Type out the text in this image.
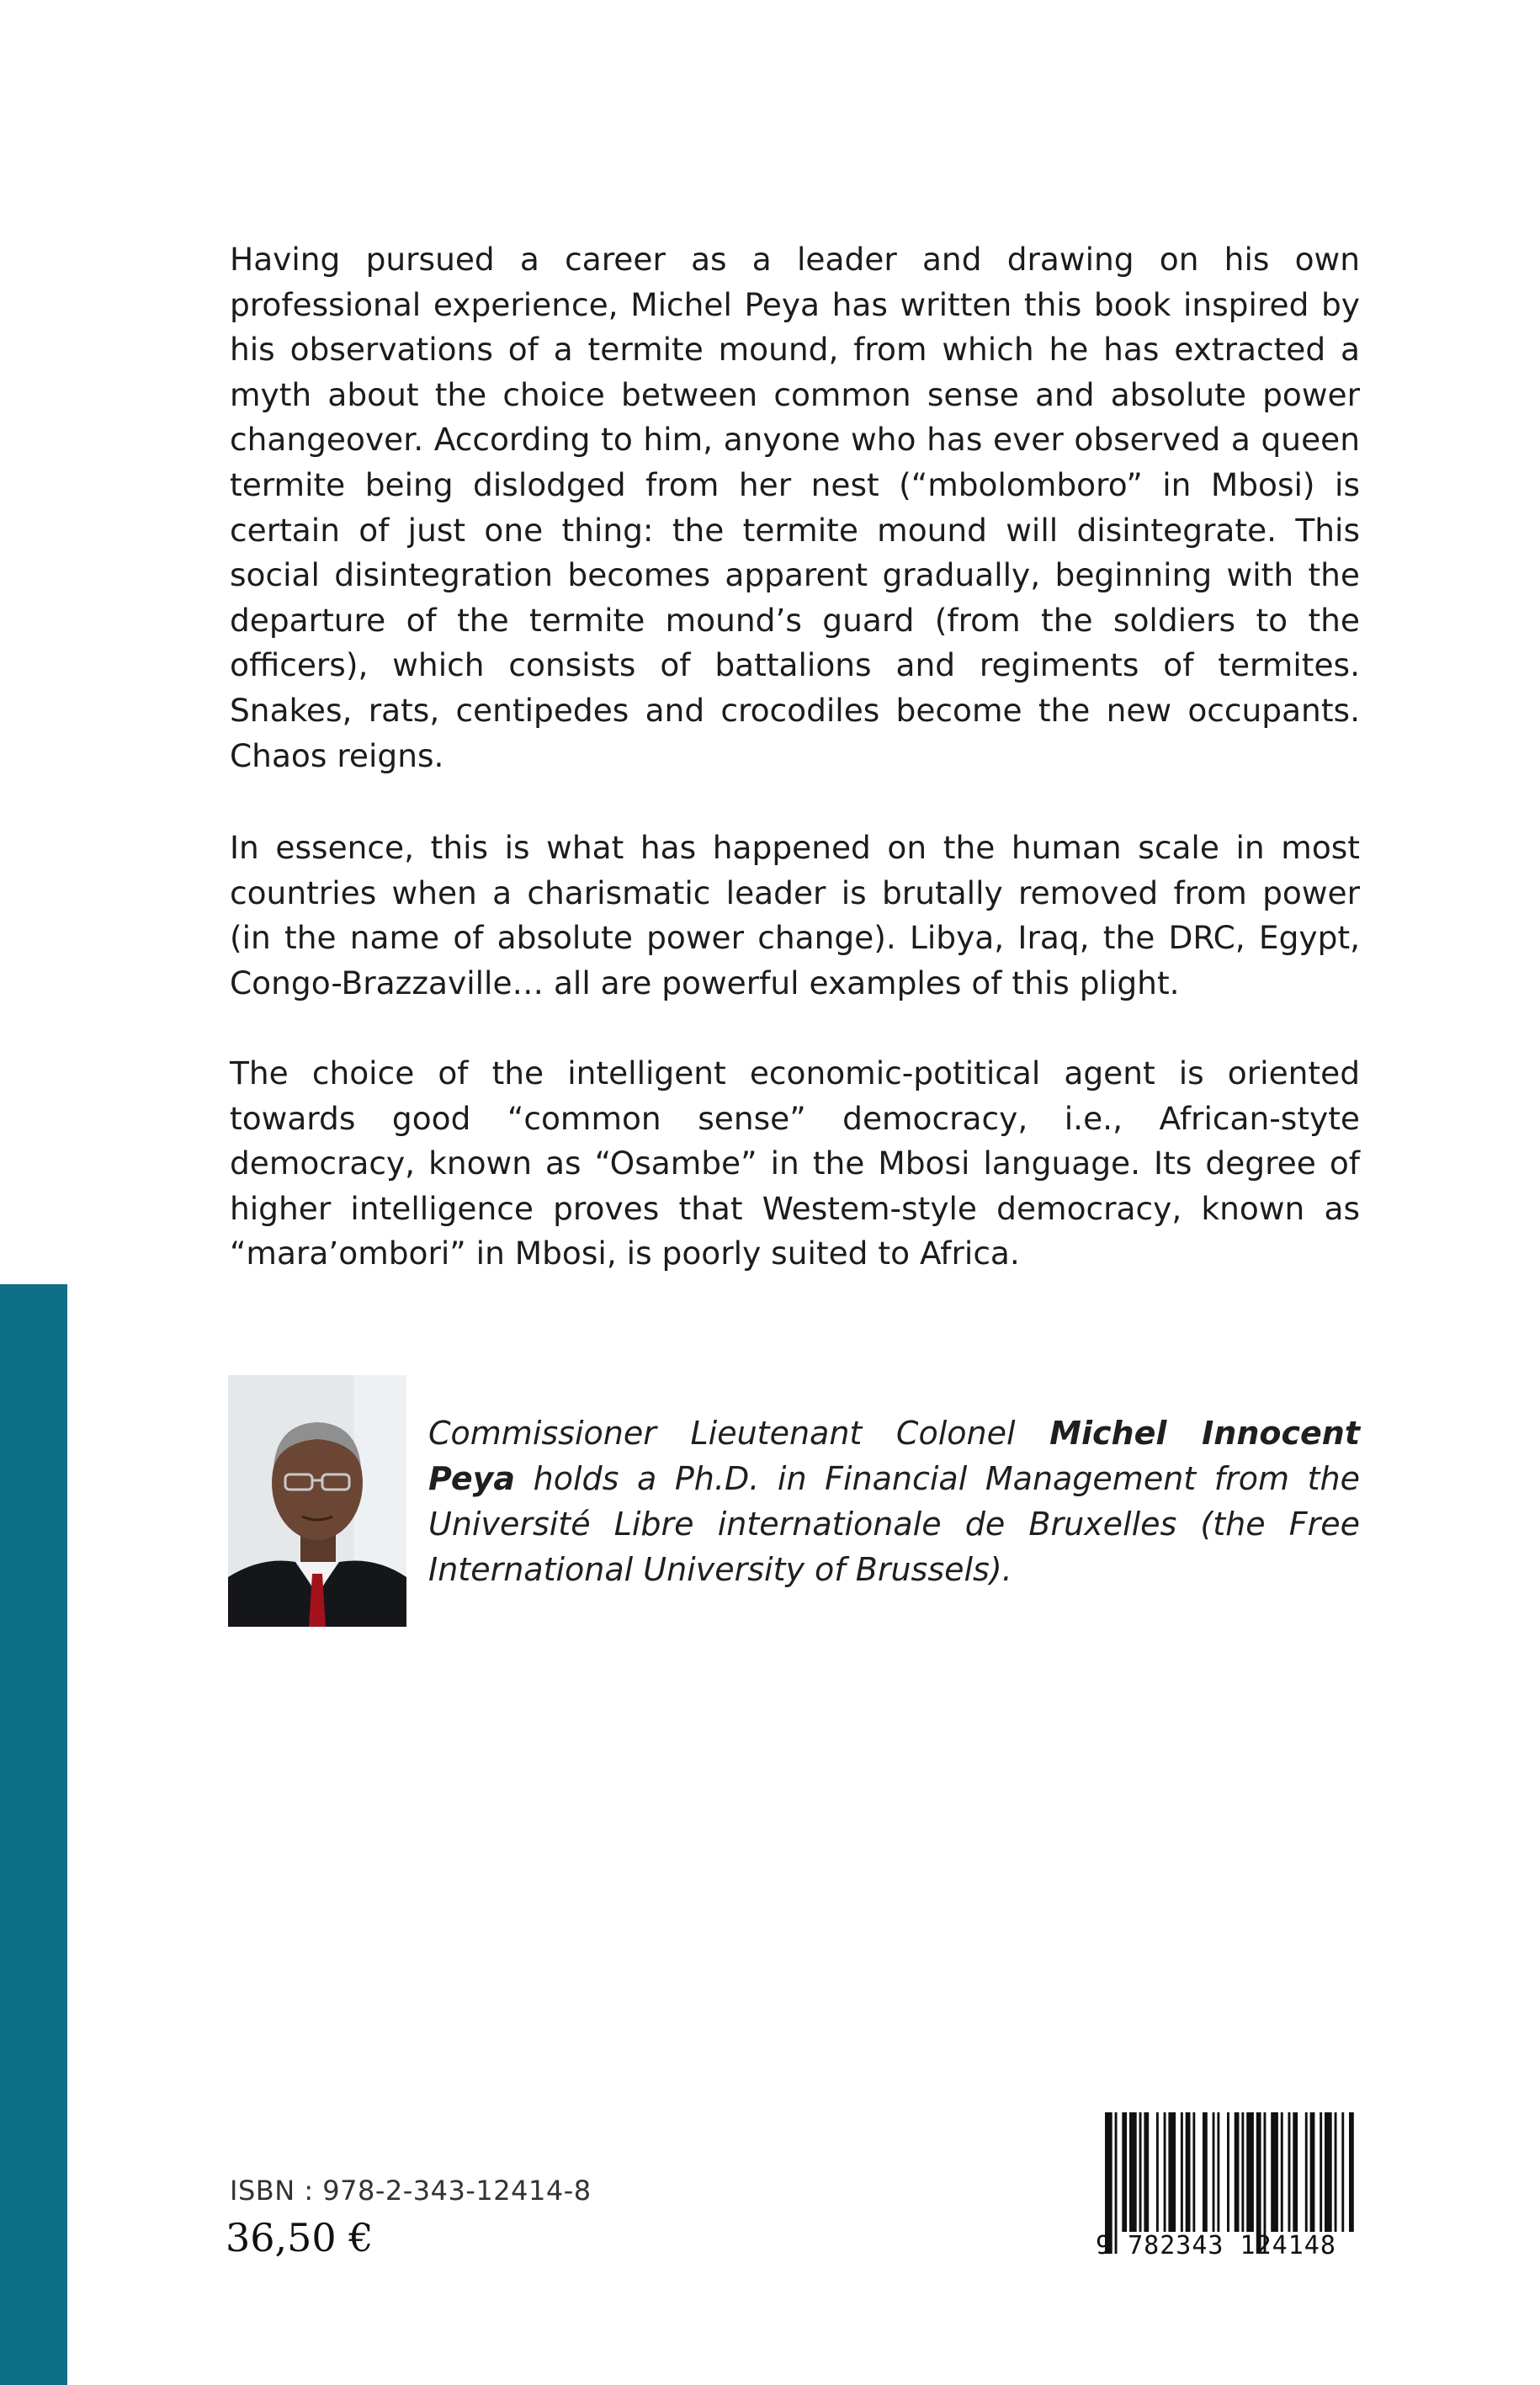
Having pursued a career as a leader and drawing on his own professional experience, Michel Peya has written this book inspired by his observations of a termite mound, from which he has extracted a myth about the choice between common sense and absolute power changeover. According to him, anyone who has ever observed a queen termite being dislodged from her nest (“mbolomboro” in Mbosi) is certain of just one thing: the termite mound will disintegrate. This social disintegration becomes apparent gradually, beginning with the departure of the termite mound’s guard (from the soldiers to the officers), which consists of battalions and regiments of termites. Snakes, rats, centipedes and crocodiles become the new occupants. Chaos reigns.

In essence, this is what has happened on the human scale in most countries when a charismatic leader is brutally removed from power (in the name of absolute power change). Libya, Iraq, the DRC, Egypt, Congo-Brazzaville… all are powerful examples of this plight.

The choice of the intelligent economic-potitical agent is oriented towards good “common sense” democracy, i.e., African-styte democracy, known as “Osambe” in the Mbosi language. Its degree of higher intelligence proves that Westem-style democracy, known as “mara’ombori” in Mbosi, is poorly suited to Africa.

Commissioner Lieutenant Colonel Michel Innocent Peya holds a Ph.D. in Financial Management from the Université Libre internationale de Bruxelles (the Free International University of Brussels).

ISBN : 978-2-343-12414-8
36,50 €	9 782343 124148
